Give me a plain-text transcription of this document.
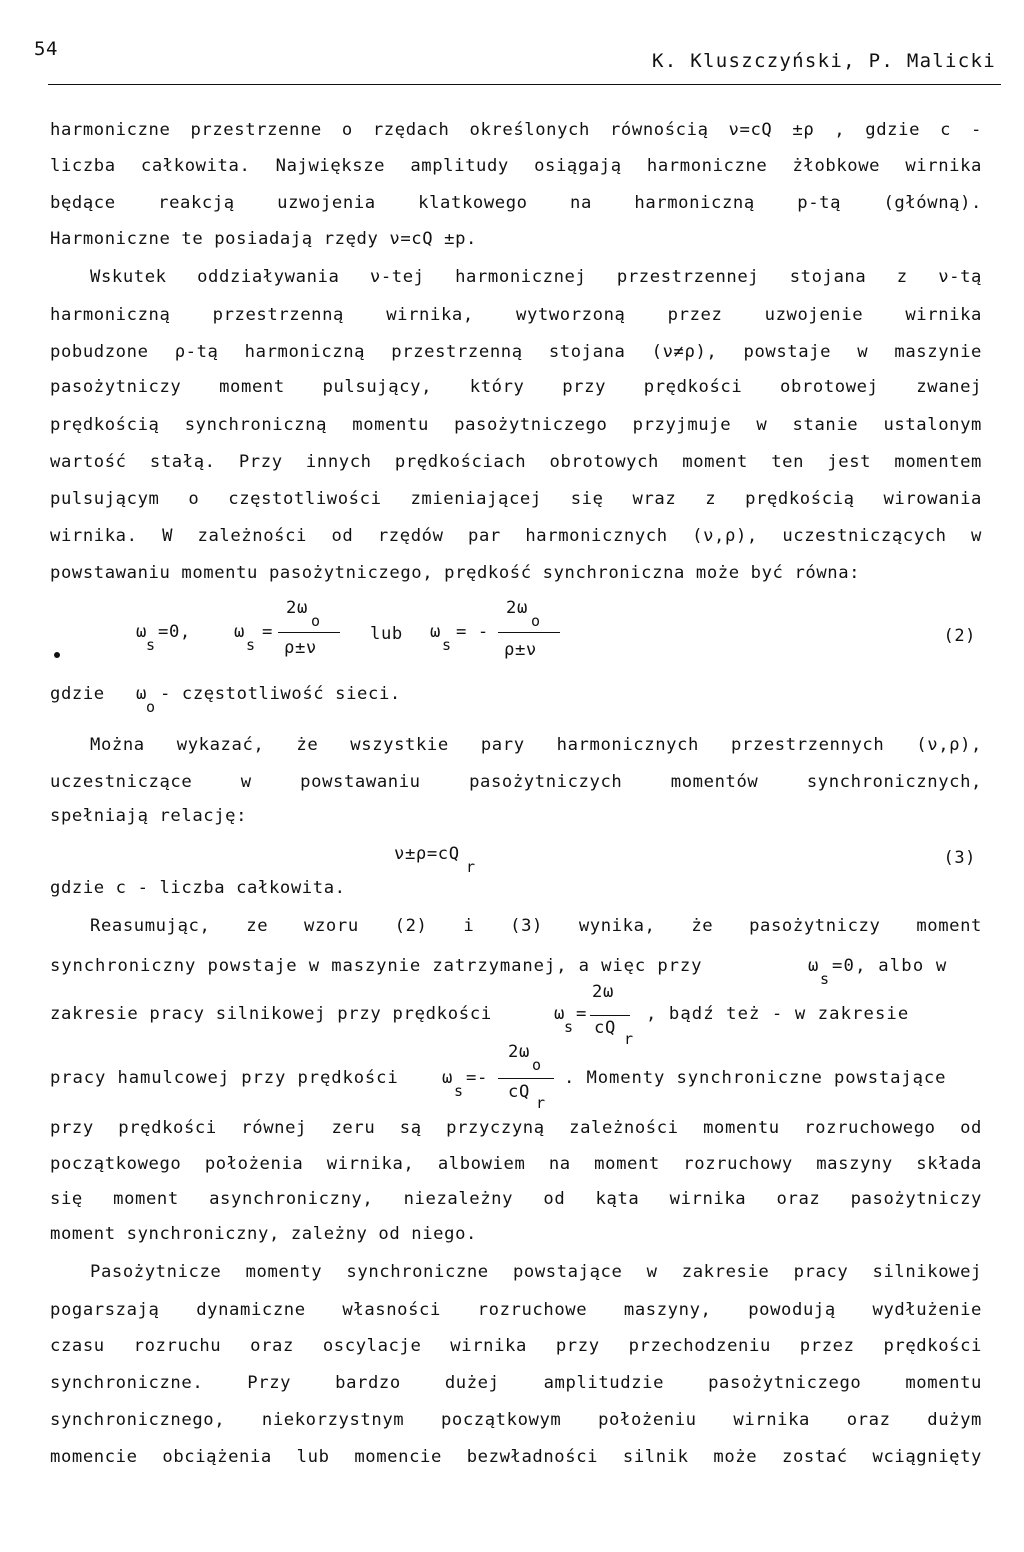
54
K. Kluszczyński, P. Malicki
harmoniczne przestrzenne o rzędach określonych równością ν=cQ ±ρ , gdzie c -
liczba całkowita. Największe amplitudy osiągają harmoniczne żłobkowe wirnika
będące reakcją uzwojenia klatkowego na harmoniczną p-tą (główną).
Harmoniczne te posiadają rzędy ν=cQ ±p.
Wskutek oddziaływania ν-tej harmonicznej przestrzennej stojana z ν-tą
harmoniczną przestrzenną wirnika, wytworzoną przez uzwojenie wirnika
pobudzone ρ-tą harmoniczną przestrzenną stojana (ν≠ρ), powstaje w maszynie
pasożytniczy moment pulsujący, który przy prędkości obrotowej zwanej
prędkością synchroniczną momentu pasożytniczego przyjmuje w stanie ustalonym
wartość stałą. Przy innych prędkościach obrotowych moment ten jest momentem
pulsującym o częstotliwości zmieniającej się wraz z prędkością wirowania
wirnika. W zależności od rzędów par harmonicznych (ν,ρ), uczestniczących w
powstawaniu momentu pasożytniczego, prędkość synchroniczna może być równa:
ω
s
=0,	ω
s
=
2ω
o
ρ±ν
lub ω
s
= -
2ω
o
ρ±ν
(2)
gdzie ω
o
- częstotliwość sieci.
Można wykazać, że wszystkie pary harmonicznych przestrzennych (ν,ρ),
uczestniczące w powstawaniu pasożytniczych momentów synchronicznych,
spełniają relację:
ν±ρ=cQ
r	(3)
gdzie c - liczba całkowita.
Reasumując, ze wzoru (2) i (3) wynika, że pasożytniczy moment
synchroniczny powstaje w maszynie zatrzymanej, a więc przy	ω
s
=0, albo w
zakresie pracy silnikowej przy prędkości	ω
s
=
2ω
cQ
r
, bądź też - w zakresie
pracy hamulcowej przy prędkości	ω
s
=-
2ω
o
cQ
r
. Momenty synchroniczne powstające
przy prędkości równej zeru są przyczyną zależności momentu rozruchowego od
początkowego położenia wirnika, albowiem na moment rozruchowy maszyny składa
się moment asynchroniczny, niezależny od kąta wirnika oraz pasożytniczy
moment synchroniczny, zależny od niego.
Pasożytnicze momenty synchroniczne powstające w zakresie pracy silnikowej
pogarszają dynamiczne własności rozruchowe maszyny, powodują wydłużenie
czasu rozruchu oraz oscylacje wirnika przy przechodzeniu przez prędkości
synchroniczne. Przy bardzo dużej amplitudzie pasożytniczego momentu
synchronicznego, niekorzystnym początkowym położeniu wirnika oraz dużym
momencie obciążenia lub momencie bezwładności silnik może zostać wciągnięty
